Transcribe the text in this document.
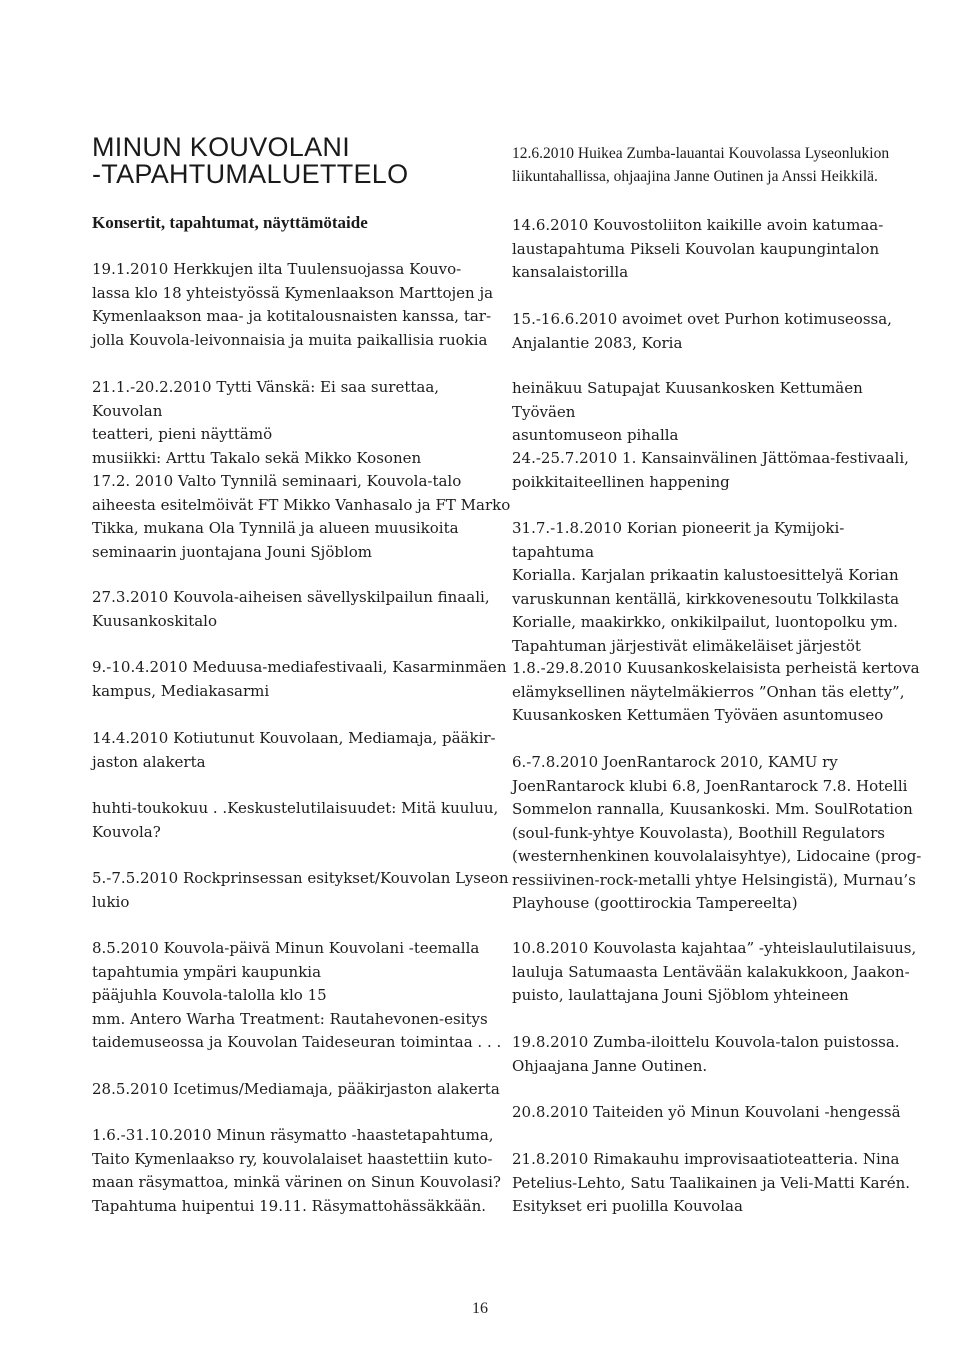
MINUN KOUVOLANI
-TAPAHTUMALUETTELO
Konsertit, tapahtumat, näyttämötaide

19.1.2010 Herkkujen ilta Tuulensuojassa Kouvo-
lassa klo 18 yhteistyössä Kymenlaakson Marttojen ja
Kymenlaakson maa- ja kotitalousnaisten kanssa, tar-
jolla Kouvola-leivonnaisia ja muita paikallisia ruokia

21.1.-20.2.2010 Tytti Vänskä: Ei saa surettaa, Kouvolan
teatteri, pieni näyttämö
musiikki: Arttu Takalo sekä Mikko Kosonen

17.2. 2010 Valto Tynnilä seminaari, Kouvola-talo
aiheesta esitelmöivät FT Mikko Vanhasalo ja FT Marko
Tikka, mukana Ola Tynnilä ja alueen muusikoita
seminaarin juontajana Jouni Sjöblom

27.3.2010 Kouvola-aiheisen sävellyskilpailun finaali,
Kuusankoskitalo

9.-10.4.2010 Meduusa-mediafestivaali, Kasarminmäen
kampus, Mediakasarmi

14.4.2010 Kotiutunut Kouvolaan, Mediamaja, pääkir-
jaston alakerta

huhti-toukokuu . .Keskustelutilaisuudet: Mitä kuuluu,
Kouvola?

5.-7.5.2010 Rockprinsessan esitykset/Kouvolan Lyseon
lukio

8.5.2010 Kouvola-päivä Minun Kouvolani -teemalla
tapahtumia ympäri kaupunkia
pääjuhla Kouvola-talolla klo 15
mm. Antero Warha Treatment: Rautahevonen-esitys
taidemuseossa ja Kouvolan Taideseuran toimintaa . . .

28.5.2010 Icetimus/Mediamaja, pääkirjaston alakerta

1.6.-31.10.2010 Minun räsymatto -haastetapahtuma,
Taito Kymenlaakso ry, kouvolalaiset haastettiin kuto-
maan räsymattoa, minkä värinen on Sinun Kouvolasi?
Tapahtuma huipentui 19.11. Räsymattohässäkkään.

12.6.2010 Huikea Zumba-lauantai Kouvolassa Lyseonlukion
liikuntahallissa, ohjaajina Janne Outinen ja Anssi Heikkilä.

14.6.2010 Kouvostoliiton kaikille avoin katumaa-
laustapahtuma Pikseli Kouvolan kaupungintalon
kansalaistorilla

15.-16.6.2010 avoimet ovet Purhon kotimuseossa,
Anjalantie 2083, Koria

heinäkuu Satupajat Kuusankosken Kettumäen Työväen
asuntomuseon pihalla

24.-25.7.2010 1. Kansainvälinen Jättömaa-festivaali,
poikkitaiteellinen happening

31.7.-1.8.2010 Korian pioneerit ja Kymijoki-tapahtuma
Korialla. Karjalan prikaatin kalustoesittelyä Korian
varuskunnan kentällä, kirkkovenesoutu Tolkkilasta
Korialle, maakirkko, onkikilpailut, luontopolku ym.
Tapahtuman järjestivät elimäkeläiset järjestöt

1.8.-29.8.2010 Kuusankoskelaisista perheistä kertova
elämyksellinen näytelmäkierros ”Onhan täs eletty”,
Kuusankosken Kettumäen Työväen asuntomuseo

6.-7.8.2010 JoenRantarock 2010, KAMU ry
JoenRantarock klubi 6.8, JoenRantarock 7.8. Hotelli
Sommelon rannalla, Kuusankoski. Mm. SoulRotation
(soul-funk-yhtye Kouvolasta), Boothill Regulators
(westernhenkinen kouvolalaisyhtye), Lidocaine (prog-
ressiivinen-rock-metalli yhtye Helsingistä), Murnau’s
Playhouse (goottirockia Tampereelta)

10.8.2010 Kouvolasta kajahtaa” -yhteislaulutilaisuus,
lauluja Satumaasta Lentävään kalakukkoon, Jaakon-
puisto, laulattajana Jouni Sjöblom yhteineen

19.8.2010 Zumba-iloittelu Kouvola-talon puistossa.
Ohjaajana Janne Outinen.

20.8.2010 Taiteiden yö Minun Kouvolani -hengessä

21.8.2010 Rimakauhu improvisaatioteatteria. Nina
Petelius-Lehto, Satu Taalikainen ja Veli-Matti Karén.
Esitykset eri puolilla Kouvolaa

16
